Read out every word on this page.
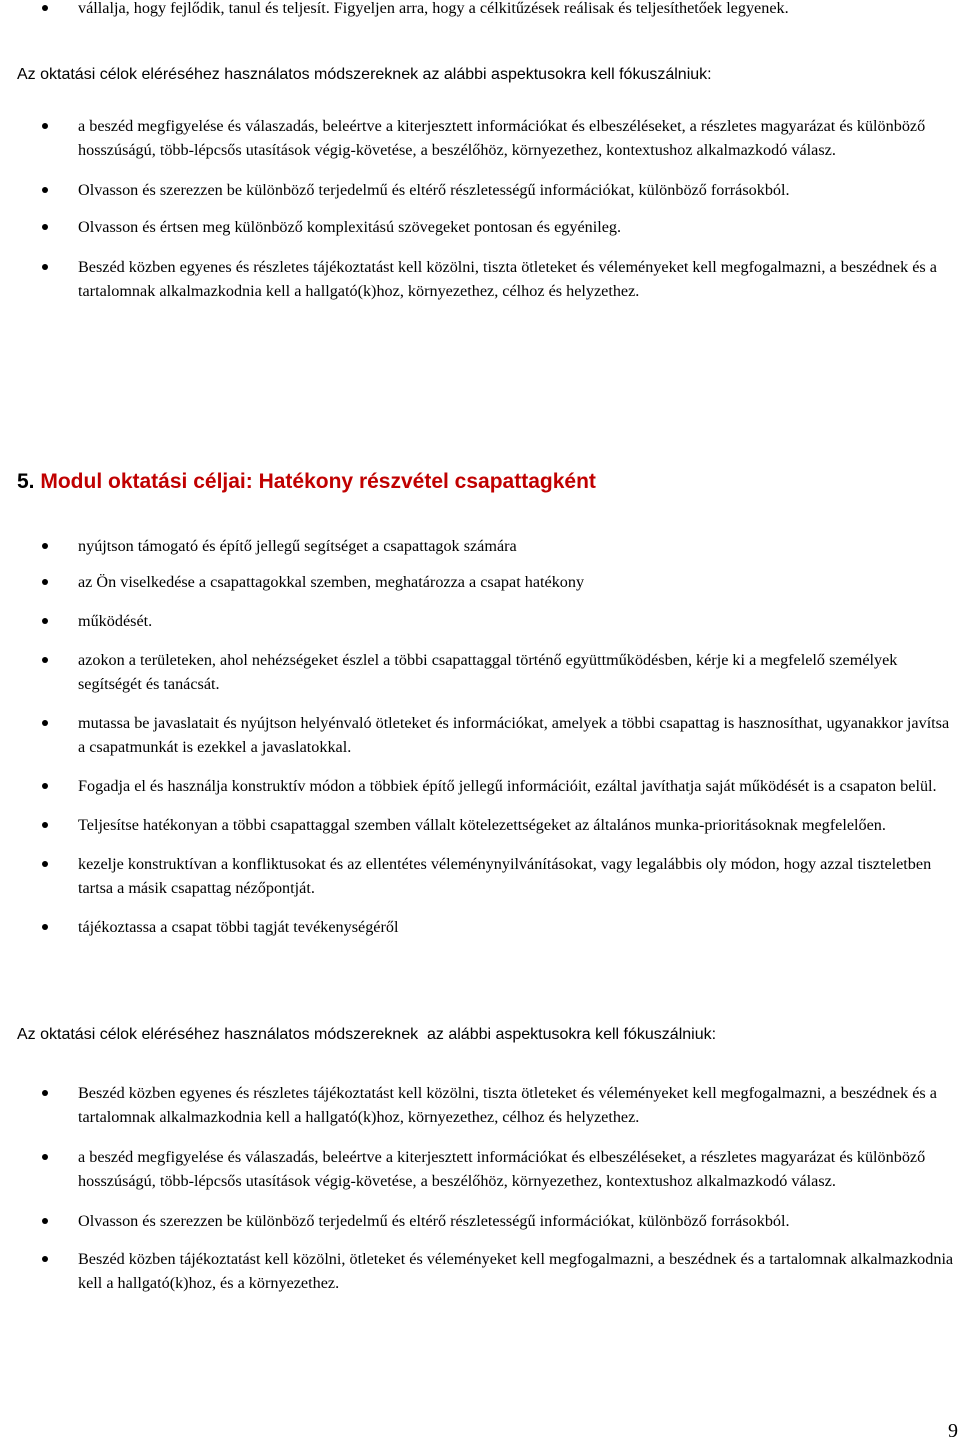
vállalja, hogy fejlődik, tanul és teljesít. Figyeljen arra, hogy a célkitűzések reálisak és teljesíthetőek legyenek.

Az oktatási célok eléréséhez használatos módszereknek az alábbi aspektusokra kell fókuszálniuk:

a beszéd megfigyelése és válaszadás, beleértve a kiterjesztett információkat és elbeszéléseket, a részletes magyarázat és különböző hosszúságú, több-lépcsős utasítások végig-követése, a beszélőhöz, környezethez, kontextushoz alkalmazkodó válasz.
Olvasson és szerezzen be különböző terjedelmű és eltérő részletességű információkat, különböző forrásokból.
Olvasson és értsen meg különböző komplexitású szövegeket pontosan és egyénileg.
Beszéd közben egyenes és részletes tájékoztatást kell közölni, tiszta ötleteket és véleményeket kell megfogalmazni, a beszédnek és a tartalomnak alkalmazkodnia kell a hallgató(k)hoz, környezethez, célhoz és helyzethez.
5. Modul oktatási céljai: Hatékony részvétel csapattagként
nyújtson támogató és építő jellegű segítséget a csapattagok számára
az Ön viselkedése a csapattagokkal szemben, meghatározza a csapat hatékony
működését.
azokon a területeken, ahol nehézségeket észlel a többi csapattaggal történő együttműködésben, kérje ki a megfelelő személyek segítségét és tanácsát.
mutassa be javaslatait és nyújtson helyénvaló ötleteket és információkat, amelyek a többi csapattag is hasznosíthat, ugyanakkor javítsa a csapatmunkát is ezekkel a javaslatokkal.
Fogadja el és használja konstruktív módon a többiek építő jellegű információit, ezáltal javíthatja saját működését is a csapaton belül.
Teljesítse hatékonyan a többi csapattaggal szemben vállalt kötelezettségeket az általános munka-prioritásoknak megfelelően.
kezelje konstruktívan a konfliktusokat és az ellentétes véleménynyilvánításokat, vagy legalábbis oly módon, hogy azzal tiszteletben tartsa a másik csapattag nézőpontját.
tájékoztassa a csapat többi tagját tevékenységéről

Az oktatási célok eléréséhez használatos módszereknek  az alábbi aspektusokra kell fókuszálniuk:

Beszéd közben egyenes és részletes tájékoztatást kell közölni, tiszta ötleteket és véleményeket kell megfogalmazni, a beszédnek és a tartalomnak alkalmazkodnia kell a hallgató(k)hoz, környezethez, célhoz és helyzethez.
a beszéd megfigyelése és válaszadás, beleértve a kiterjesztett információkat és elbeszéléseket, a részletes magyarázat és különböző hosszúságú, több-lépcsős utasítások végig-követése, a beszélőhöz, környezethez, kontextushoz alkalmazkodó válasz.
Olvasson és szerezzen be különböző terjedelmű és eltérő részletességű információkat, különböző forrásokból.
Beszéd közben tájékoztatást kell közölni, ötleteket és véleményeket kell megfogalmazni, a beszédnek és a tartalomnak alkalmazkodnia kell a hallgató(k)hoz, és a környezethez.
9
